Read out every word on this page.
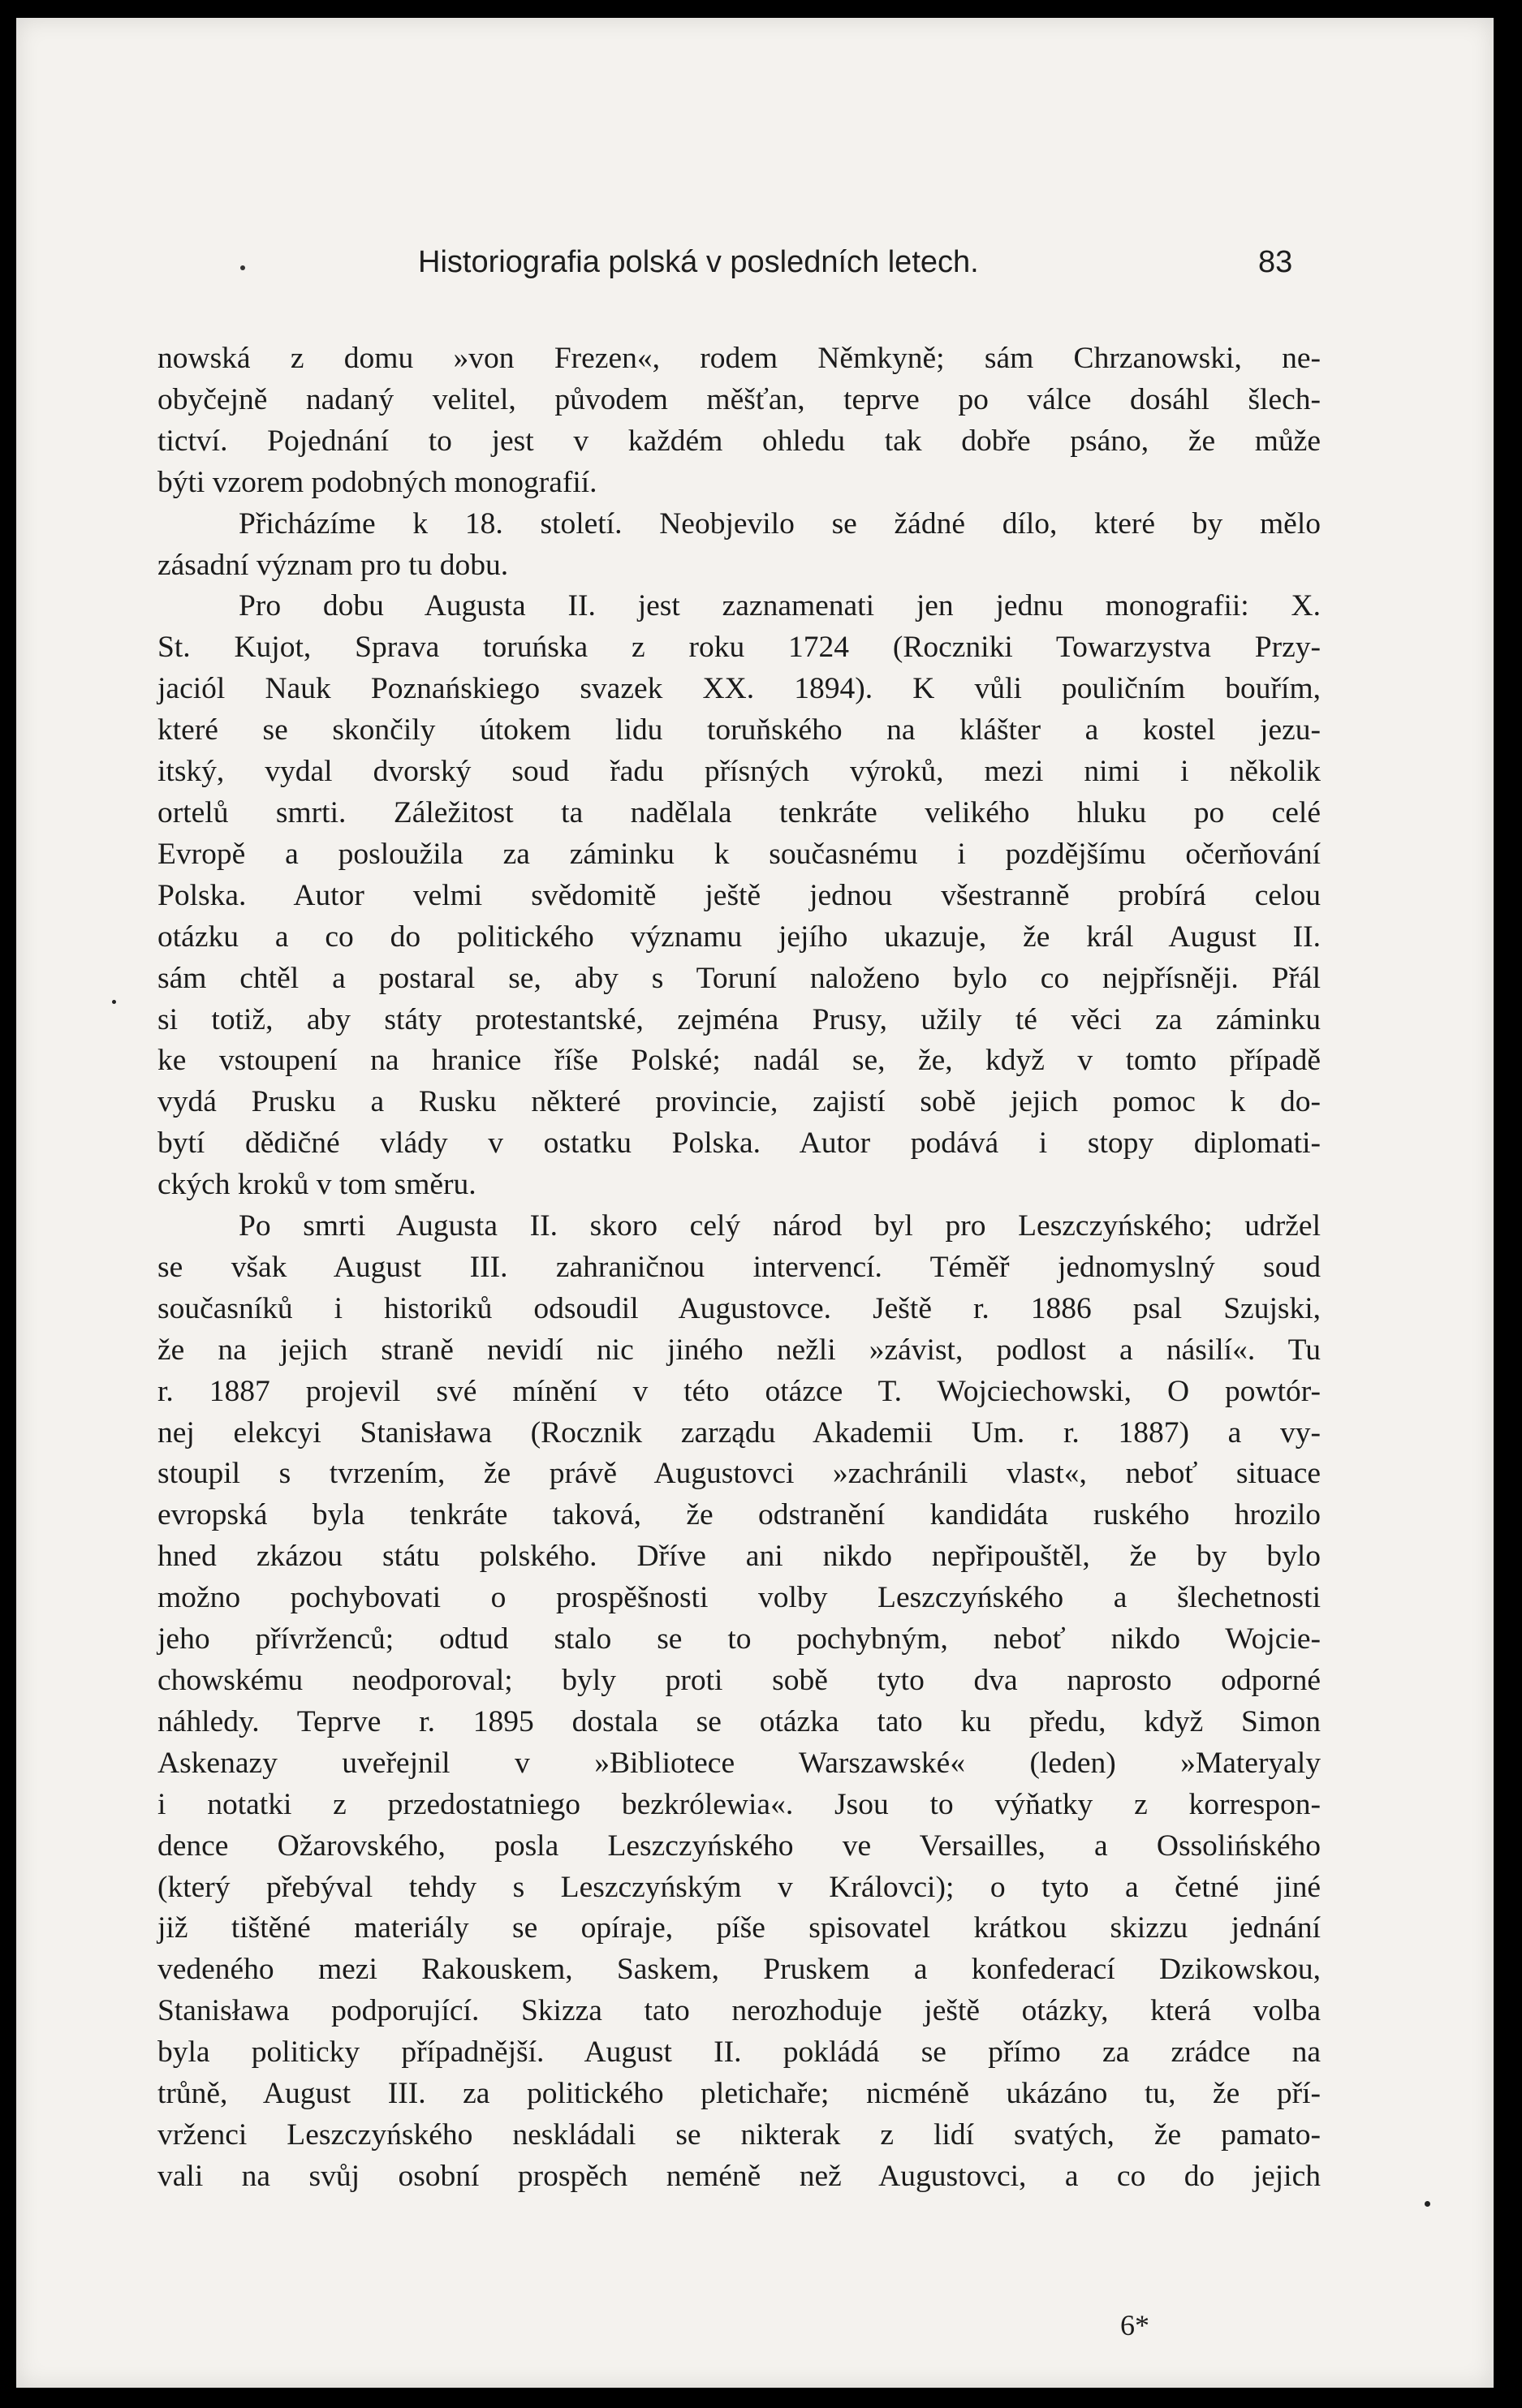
Historiografia polská v posledních letech.	83
nowská z domu »von Frezen«, rodem Němkyně; sám Chrzanowski, ne-
obyčejně nadaný velitel, původem měšťan, teprve po válce dosáhl šlech-
tictví. Pojednání to jest v každém ohledu tak dobře psáno, že může
býti vzorem podobných monografií.
Přicházíme k 18. století. Neobjevilo se žádné dílo, které by mělo
zásadní význam pro tu dobu.
Pro dobu Augusta II. jest zaznamenati jen jednu monografii: X.
St. Kujot, Sprava toruńska z roku 1724 (Roczniki Towarzystva Przy-
jaciól Nauk Poznańskiego svazek XX. 1894). K vůli pouličním bouřím,
které se skončily útokem lidu toruňského na klášter a kostel jezu-
itský, vydal dvorský soud řadu přísných výroků, mezi nimi i několik
ortelů smrti. Záležitost ta nadělala tenkráte velikého hluku po celé
Evropě a posloužila za záminku k současnému i pozdějšímu očerňování
Polska. Autor velmi svědomitě ještě jednou všestranně probírá celou
otázku a co do politického významu jejího ukazuje, že král August II.
sám chtěl a postaral se, aby s Toruní naloženo bylo co nejpřísněji. Přál
si totiž, aby státy protestantské, zejména Prusy, užily té věci za záminku
ke vstoupení na hranice říše Polské; nadál se, že, když v tomto případě
vydá Prusku a Rusku některé provincie, zajistí sobě jejich pomoc k do-
bytí dědičné vlády v ostatku Polska. Autor podává i stopy diplomati-
ckých kroků v tom směru.
Po smrti Augusta II. skoro celý národ byl pro Leszczyńského; udržel
se však August III. zahraničnou intervencí. Téměř jednomyslný soud
současníků i historiků odsoudil Augustovce. Ještě r. 1886 psal Szujski,
že na jejich straně nevidí nic jiného nežli »závist, podlost a násilí«. Tu
r. 1887 projevil své mínění v této otázce T. Wojciechowski, O powtór-
nej elekcyi Stanisława (Rocznik zarządu Akademii Um. r. 1887) a vy-
stoupil s tvrzením, že právě Augustovci »zachránili vlast«, neboť situace
evropská byla tenkráte taková, že odstranění kandidáta ruského hrozilo
hned zkázou státu polského. Dříve ani nikdo nepřipouštěl, že by bylo
možno pochybovati o prospěšnosti volby Leszczyńského a šlechetnosti
jeho přívrženců; odtud stalo se to pochybným, neboť nikdo Wojcie-
chowskému neodporoval; byly proti sobě tyto dva naprosto odporné
náhledy. Teprve r. 1895 dostala se otázka tato ku předu, když Simon
Askenazy uveřejnil v »Bibliotece Warszawské« (leden) »Materyaly
i notatki z przedostatniego bezkrólewia«. Jsou to výňatky z korrespon-
dence Ožarovského, posla Leszczyńského ve Versailles, a Ossolińského
(který přebýval tehdy s Leszczyńským v Královci); o tyto a četné jiné
již tištěné materiály se opíraje, píše spisovatel krátkou skizzu jednání
vedeného mezi Rakouskem, Saskem, Pruskem a konfederací Dzikowskou,
Stanisława podporující. Skizza tato nerozhoduje ještě otázky, která volba
byla politicky případnější. August II. pokládá se přímo za zrádce na
trůně, August III. za politického pletichaře; nicméně ukázáno tu, že pří-
vrženci Leszczyńského neskládali se nikterak z lidí svatých, že pamato-
vali na svůj osobní prospěch neméně než Augustovci, a co do jejich
6*
